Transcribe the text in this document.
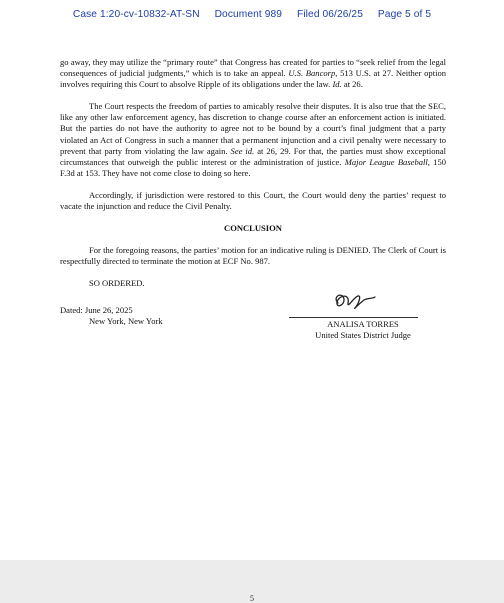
Case 1:20-cv-10832-AT-SN Document 989 Filed 06/26/25 Page 5 of 5

go away, they may utilize the “primary route” that Congress has created for parties to “seek relief from the legal consequences of judicial judgments,” which is to take an appeal. U.S. Bancorp, 513 U.S. at 27. Neither option involves requiring this Court to absolve Ripple of its obligations under the law. Id. at 26.

The Court respects the freedom of parties to amicably resolve their disputes. It is also true that the SEC, like any other law enforcement agency, has discretion to change course after an enforcement action is initiated. But the parties do not have the authority to agree not to be bound by a court’s final judgment that a party violated an Act of Congress in such a manner that a permanent injunction and a civil penalty were necessary to prevent that party from violating the law again. See id. at 26, 29. For that, the parties must show exceptional circumstances that outweigh the public interest or the administration of justice. Major League Baseball, 150 F.3d at 153. They have not come close to doing so here.

Accordingly, if jurisdiction were restored to this Court, the Court would deny the parties’ request to vacate the injunction and reduce the Civil Penalty.

CONCLUSION

For the foregoing reasons, the parties’ motion for an indicative ruling is DENIED. The Clerk of Court is respectfully directed to terminate the motion at ECF No. 987.

SO ORDERED.
Dated: June 26, 2025
New York, New York	ANALISA TORRES
United States District Judge
5
